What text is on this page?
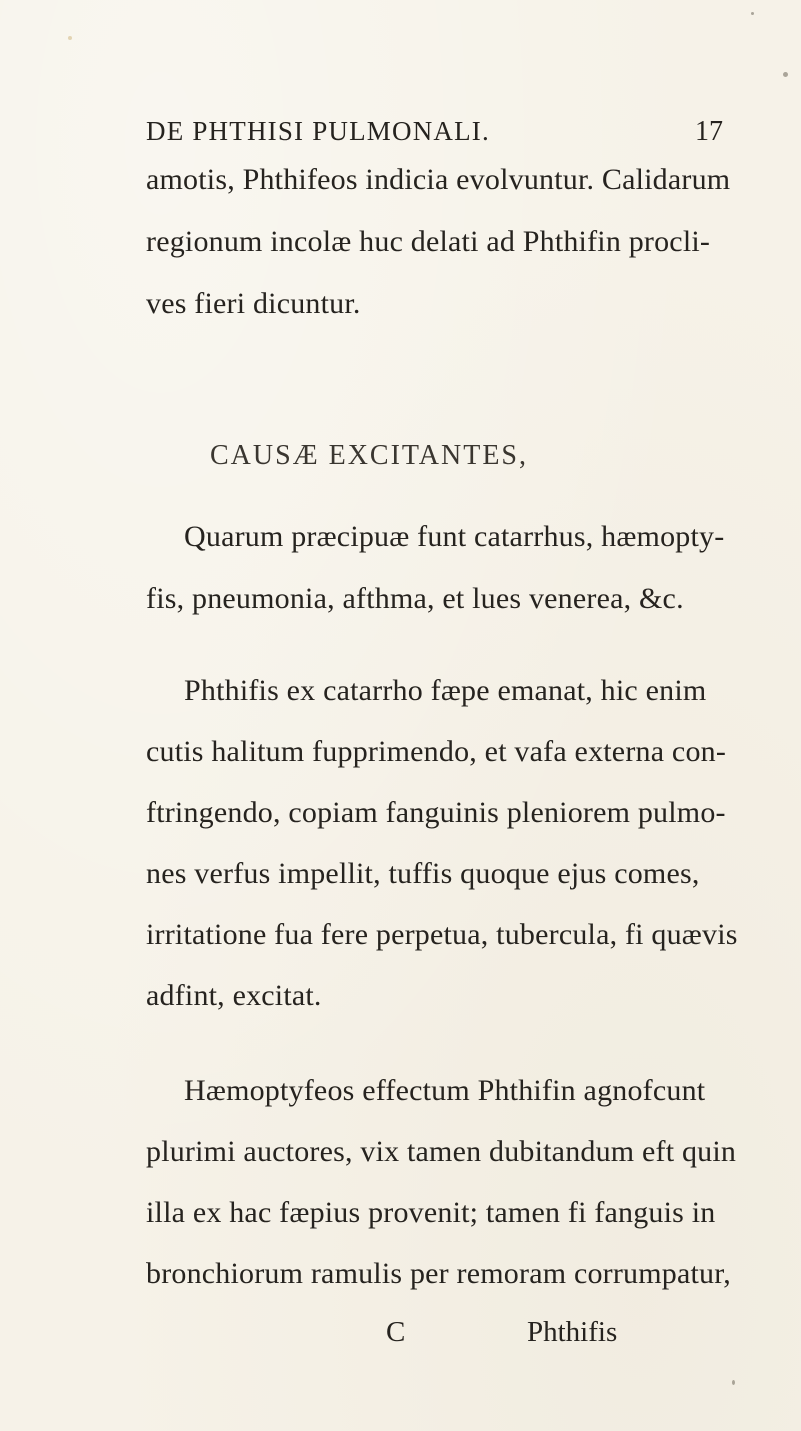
DE PHTHISI PULMONALI.	17
amotis, Phthifeos indicia evolvuntur. Calidarum
regionum incolæ huc delati ad Phthifin procli-
ves fieri dicuntur.
CAUSÆ EXCITANTES,
Quarum præcipuæ funt catarrhus, hæmopty-
fis, pneumonia, afthma, et lues venerea, &c.
Phthifis ex catarrho fæpe emanat, hic enim
cutis halitum fupprimendo, et vafa externa con-
ftringendo, copiam fanguinis pleniorem pulmo-
nes verfus impellit, tuffis quoque ejus comes,
irritatione fua fere perpetua, tubercula, fi quævis
adfint, excitat.
Hæmoptyfeos effectum Phthifin agnofcunt
plurimi auctores, vix tamen dubitandum eft quin
illa ex hac fæpius provenit; tamen fi fanguis in
bronchiorum ramulis per remoram corrumpatur,
C	Phthifis
